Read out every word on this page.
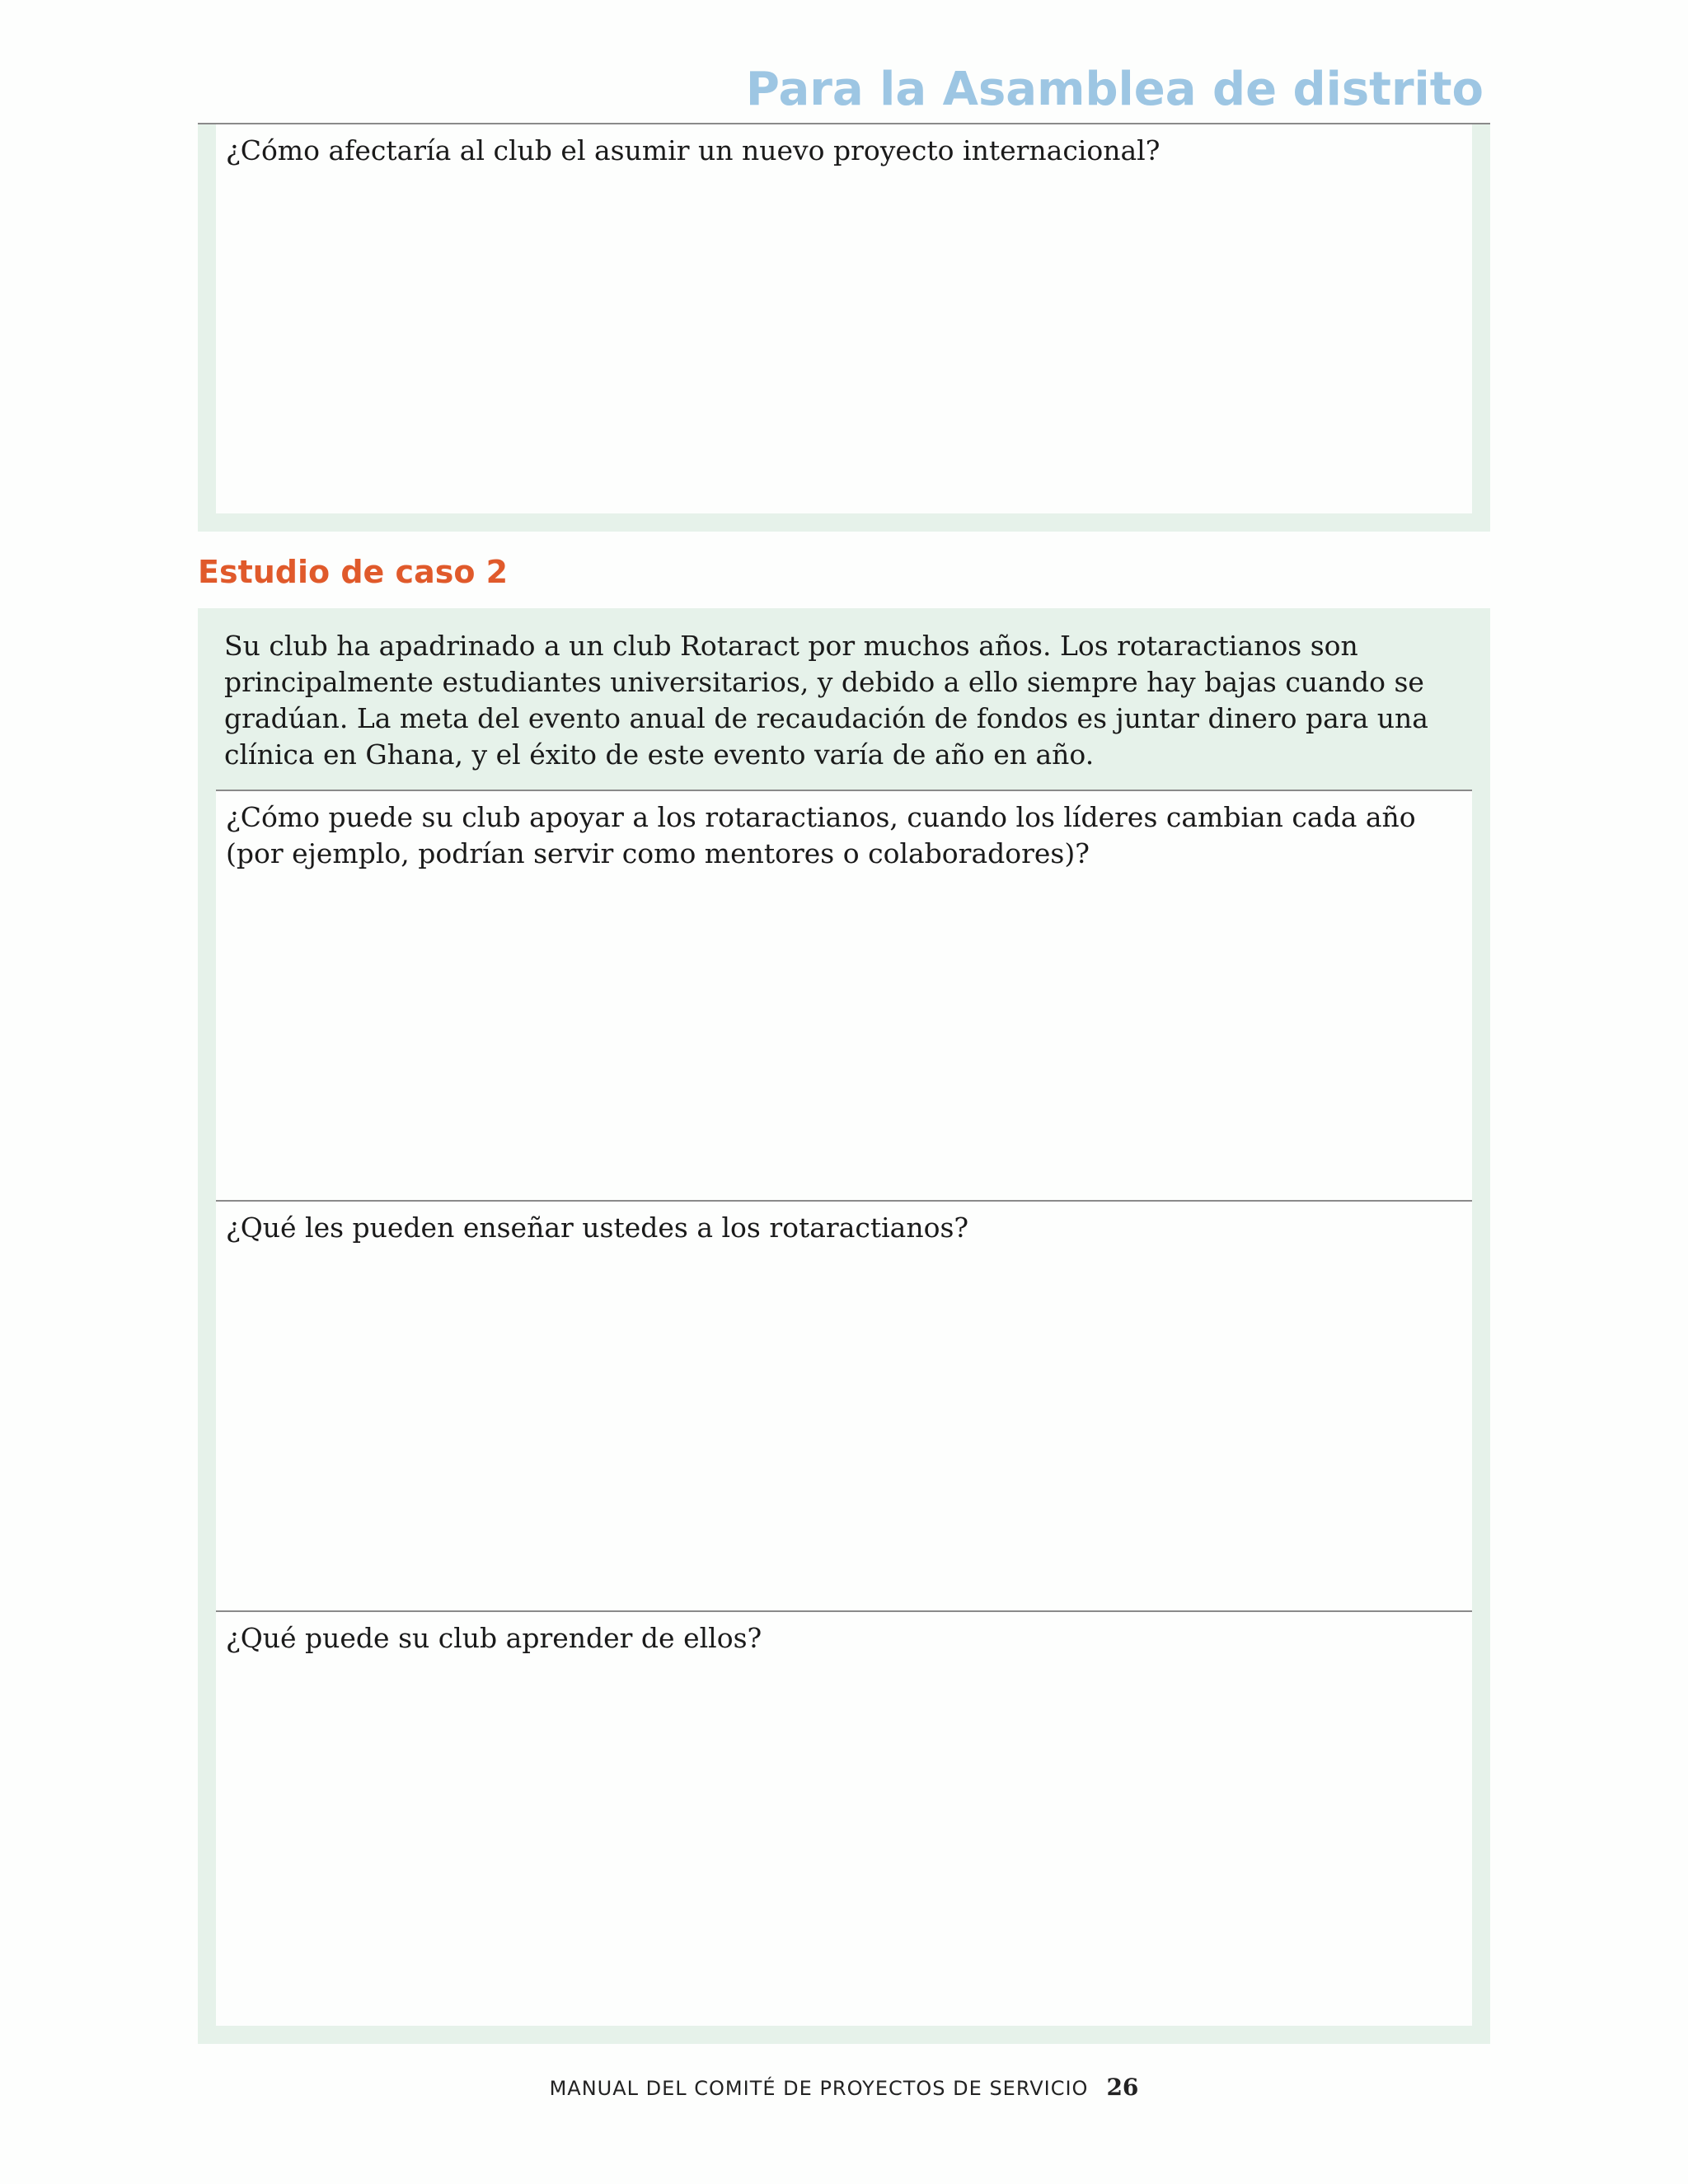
Para la Asamblea de distrito
¿Cómo afectaría al club el asumir un nuevo proyecto internacional?
Estudio de caso 2
Su club ha apadrinado a un club Rotaract por muchos años. Los rotaractianos son
principalmente estudiantes universitarios, y debido a ello siempre hay bajas cuando se
gradúan. La meta del evento anual de recaudación de fondos es juntar dinero para una
clínica en Ghana, y el éxito de este evento varía de año en año.
¿Cómo puede su club apoyar a los rotaractianos, cuando los líderes cambian cada año
(por ejemplo, podrían servir como mentores o colaboradores)?
¿Qué les pueden enseñar ustedes a los rotaractianos?
¿Qué puede su club aprender de ellos?
MANUAL DEL COMITÉ DE PROYECTOS DE SERVICIO 26
